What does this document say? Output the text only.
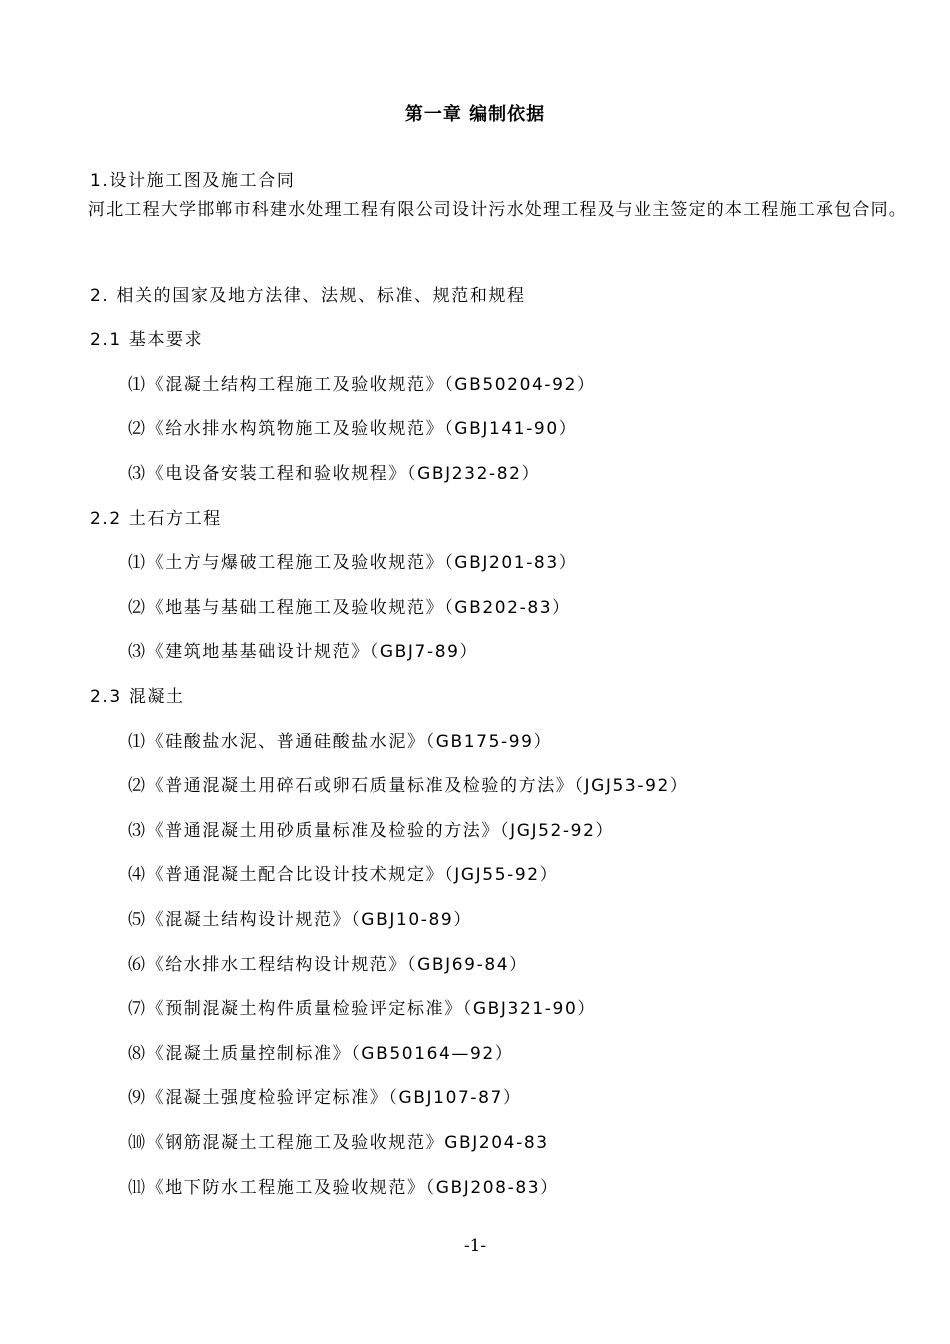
第一章 编制依据
1.设计施工图及施工合同
河北工程大学邯郸市科建水处理工程有限公司设计污水处理工程及与业主签定的本工程施工承包合同。
2. 相关的国家及地方法律、法规、标准、规范和规程
2.1 基本要求
⑴《混凝土结构工程施工及验收规范》（GB50204-92）
⑵《给水排水构筑物施工及验收规范》（GBJ141-90）
⑶《电设备安装工程和验收规程》（GBJ232-82）
2.2 土石方工程
⑴《土方与爆破工程施工及验收规范》（GBJ201-83）
⑵《地基与基础工程施工及验收规范》（GB202-83）
⑶《建筑地基基础设计规范》（GBJ7-89）
2.3 混凝土
⑴《硅酸盐水泥、普通硅酸盐水泥》（GB175-99）
⑵《普通混凝土用碎石或卵石质量标准及检验的方法》（JGJ53-92）
⑶《普通混凝土用砂质量标准及检验的方法》（JGJ52-92）
⑷《普通混凝土配合比设计技术规定》（JGJ55-92）
⑸《混凝土结构设计规范》（GBJ10-89）
⑹《给水排水工程结构设计规范》（GBJ69-84）
⑺《预制混凝土构件质量检验评定标准》（GBJ321-90）
⑻《混凝土质量控制标准》（GB50164—92）
⑼《混凝土强度检验评定标准》（GBJ107-87）
⑽《钢筋混凝土工程施工及验收规范》GBJ204-83
⑾《地下防水工程施工及验收规范》（GBJ208-83）
-1-
